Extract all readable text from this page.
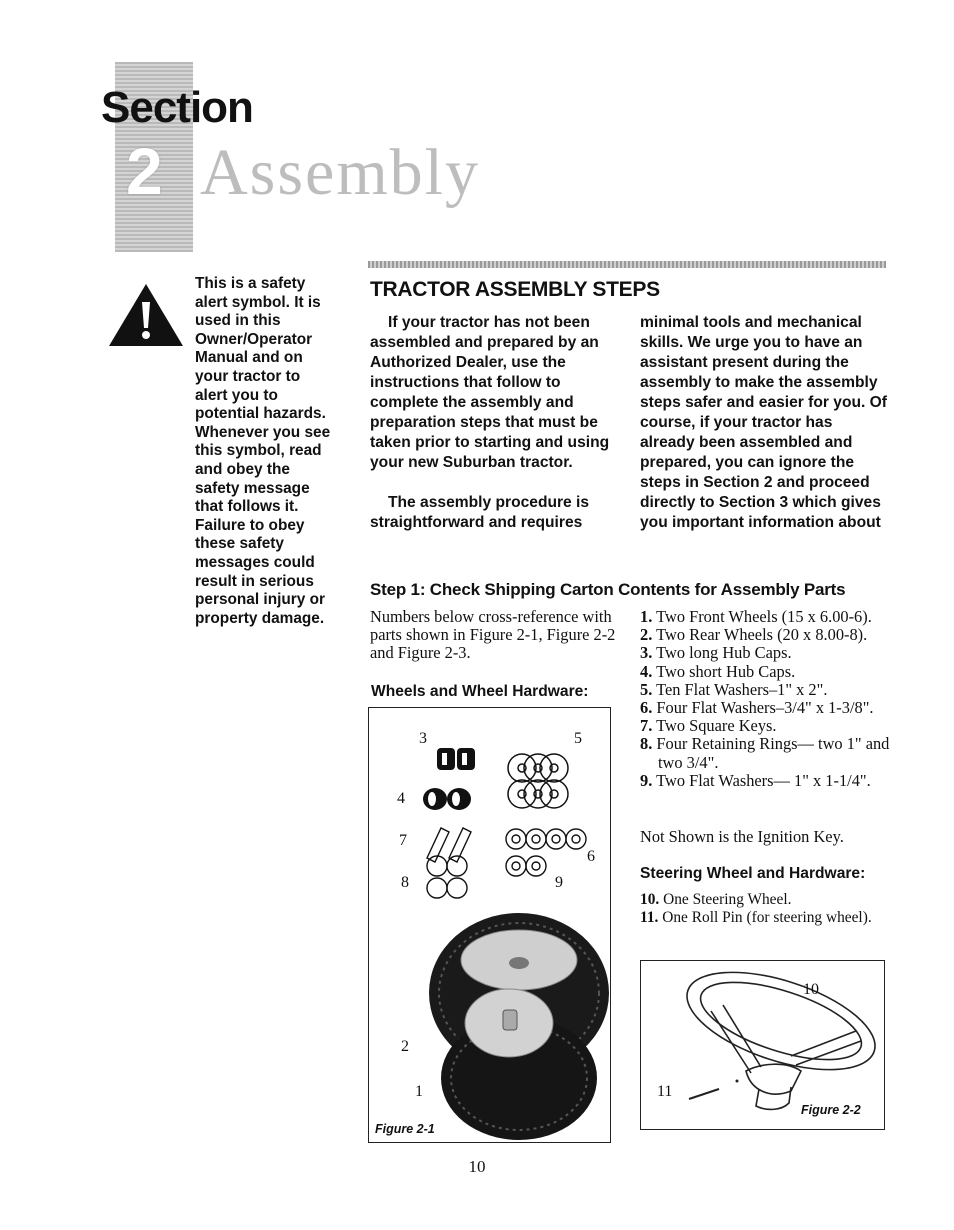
Section
2 Assembly
This is a safety alert symbol. It is used in this Owner/Operator Manual and on your tractor to alert you to potential hazards. Whenever you see this symbol, read and obey the safety message that follows it. Failure to obey these safety messages could result in serious personal injury or property damage.
TRACTOR ASSEMBLY STEPS

If your tractor has not been assembled and prepared by an Authorized Dealer, use the instructions that follow to complete the assembly and preparation steps that must be taken prior to starting and using your new Suburban tractor.

The assembly procedure is straightforward and requires
minimal tools and mechanical skills. We urge you to have an assistant present during the assembly to make the assembly steps safer and easier for you. Of course, if your tractor has already been assembled and prepared, you can ignore the steps in Section 2 and proceed directly to Section 3 which gives you important information about
Step 1: Check Shipping Carton Contents for Assembly Parts
Numbers below cross-reference with parts shown in Figure 2-1, Figure 2-2 and Figure 2-3.
Wheels and Wheel Hardware:
1. Two Front Wheels (15 x 6.00-6).
2. Two Rear Wheels (20 x 8.00-8).
3. Two long Hub Caps.
4. Two short Hub Caps.
5. Ten Flat Washers–1" x 2".
6. Four Flat Washers–3/4" x 1-3/8".
7. Two Square Keys.
8. Four Retaining Rings— two 1" and two 3/4".
9. Two Flat Washers— 1" x 1-1/4".
Not Shown is the Ignition Key.
Steering Wheel and Hardware:
10. One Steering Wheel.
11. One Roll Pin (for steering wheel).
3	5
4
7
6
8	9
2
1
Figure 2-1
10
11
Figure 2-2
10
